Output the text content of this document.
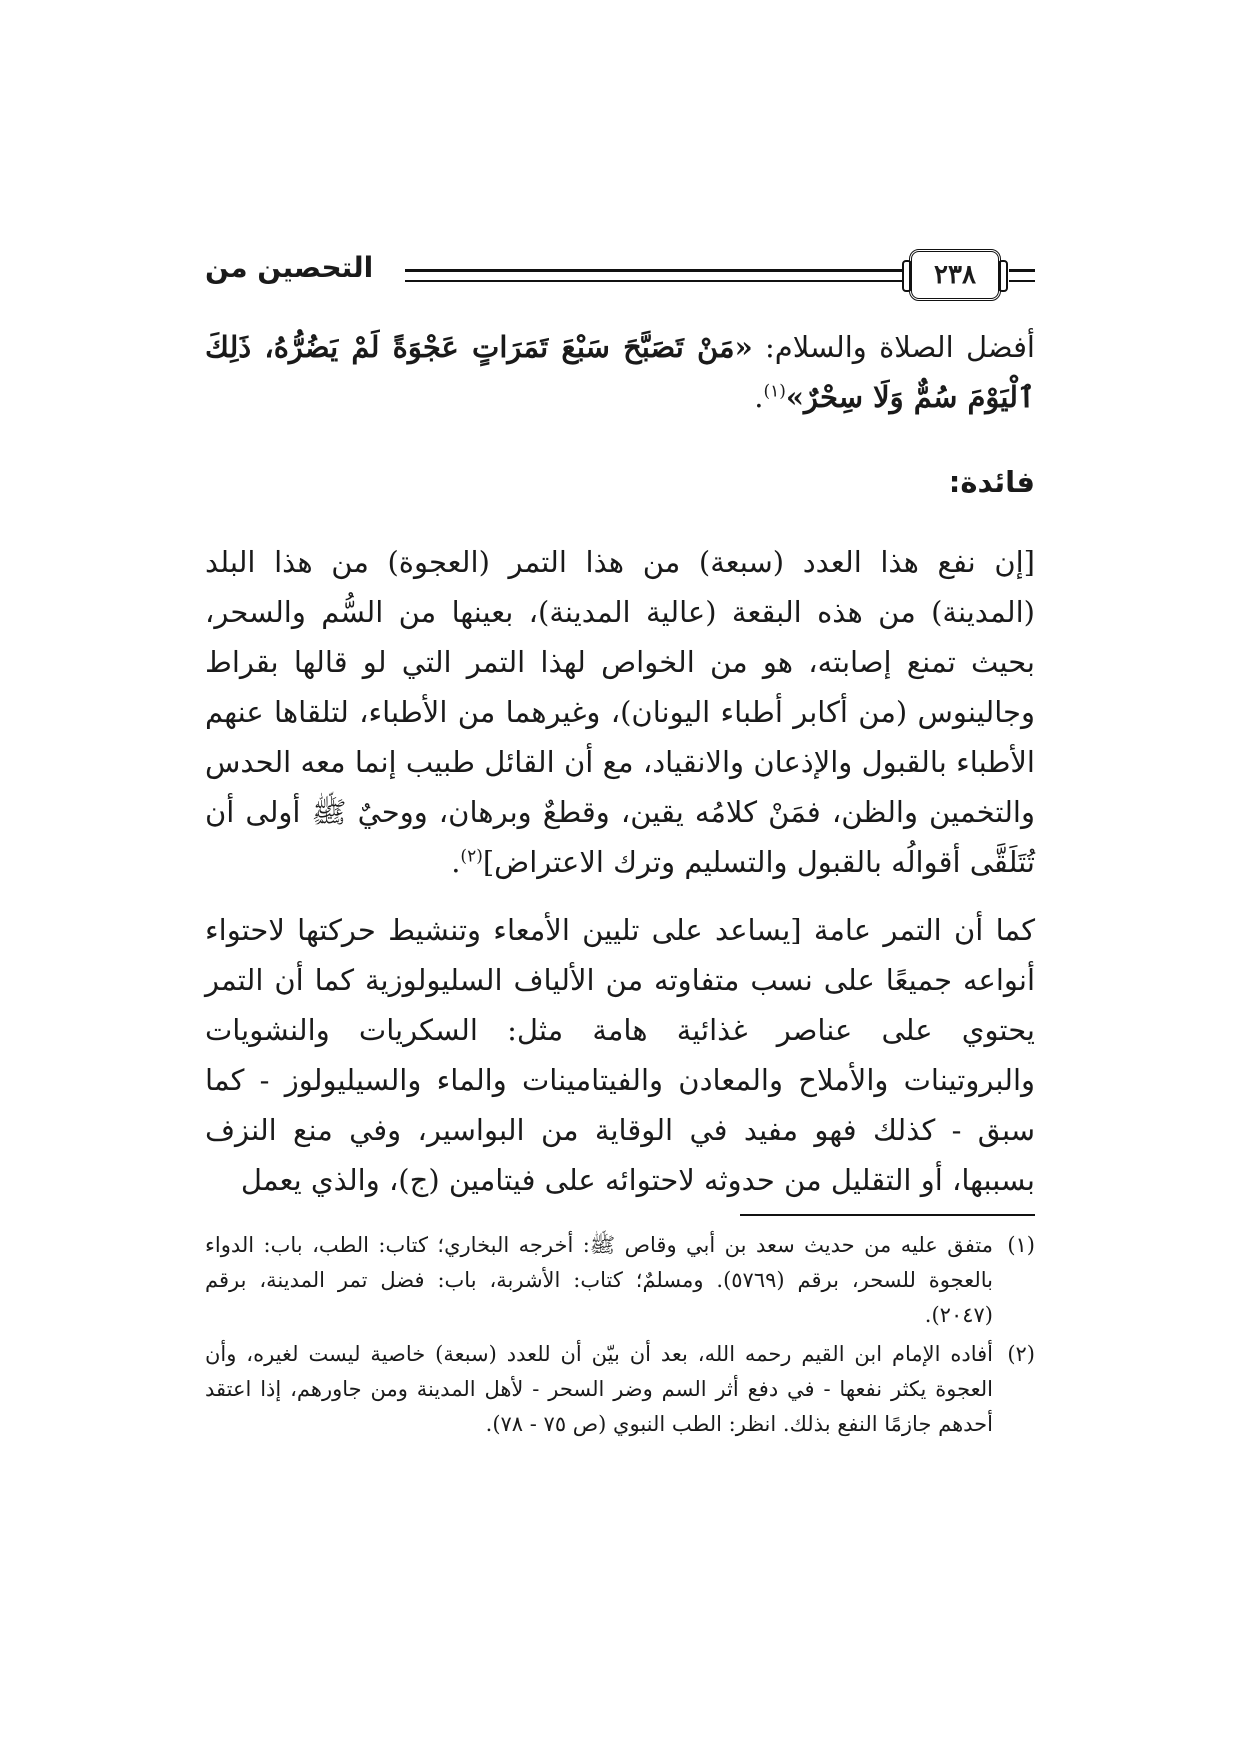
٢٣٨
التحصين من

أفضل الصلاة والسلام: «مَنْ تَصَبَّحَ سَبْعَ تَمَرَاتٍ عَجْوَةً لَمْ يَضُرُّهُ، ذَلِكَ ٱلْيَوْمَ سُمٌّ وَلَا سِحْرٌ»$^{(١)}$.

فائدة:

[إن نفع هذا العدد (سبعة) من هذا التمر (العجوة) من هذا البلد (المدينة) من هذه البقعة (عالية المدينة)، بعينها من السُّم والسحر، بحيث تمنع إصابته، هو من الخواص لهذا التمر التي لو قالها بقراط وجالينوس (من أكابر أطباء اليونان)، وغيرهما من الأطباء، لتلقاها عنهم الأطباء بالقبول والإذعان والانقياد، مع أن القائل طبيب إنما معه الحدس والتخمين والظن، فمَنْ كلامُه يقين، وقطعٌ وبرهان، ووحيٌ ﷺ أولى أن تُتَلَقَّى أقوالُه بالقبول والتسليم وترك الاعتراض]$^{(٢)}$.

كما أن التمر عامة [يساعد على تليين الأمعاء وتنشيط حركتها لاحتواء أنواعه جميعًا على نسب متفاوته من الألياف السليولوزية كما أن التمر يحتوي على عناصر غذائية هامة مثل: السكريات والنشويات والبروتينات والأملاح والمعادن والفيتامينات والماء والسيليولوز - كما سبق - كذلك فهو مفيد في الوقاية من البواسير، وفي منع النزف بسببها، أو التقليل من حدوثه لاحتوائه على فيتامين (ج)، والذي يعمل

(١)
متفق عليه من حديث سعد بن أبي وقاص ﷺ: أخرجه البخاري؛ كتاب: الطب، باب: الدواء بالعجوة للسحر، برقم (٥٧٦٩). ومسلمٌ؛ كتاب: الأشربة، باب: فضل تمر المدينة، برقم (٢٠٤٧).
(٢)
أفاده الإمام ابن القيم رحمه الله، بعد أن بيّن أن للعدد (سبعة) خاصية ليست لغيره، وأن العجوة يكثر نفعها - في دفع أثر السم وضر السحر - لأهل المدينة ومن جاورهم، إذا اعتقد أحدهم جازمًا النفع بذلك. انظر: الطب النبوي (ص ٧٥ - ٧٨).
